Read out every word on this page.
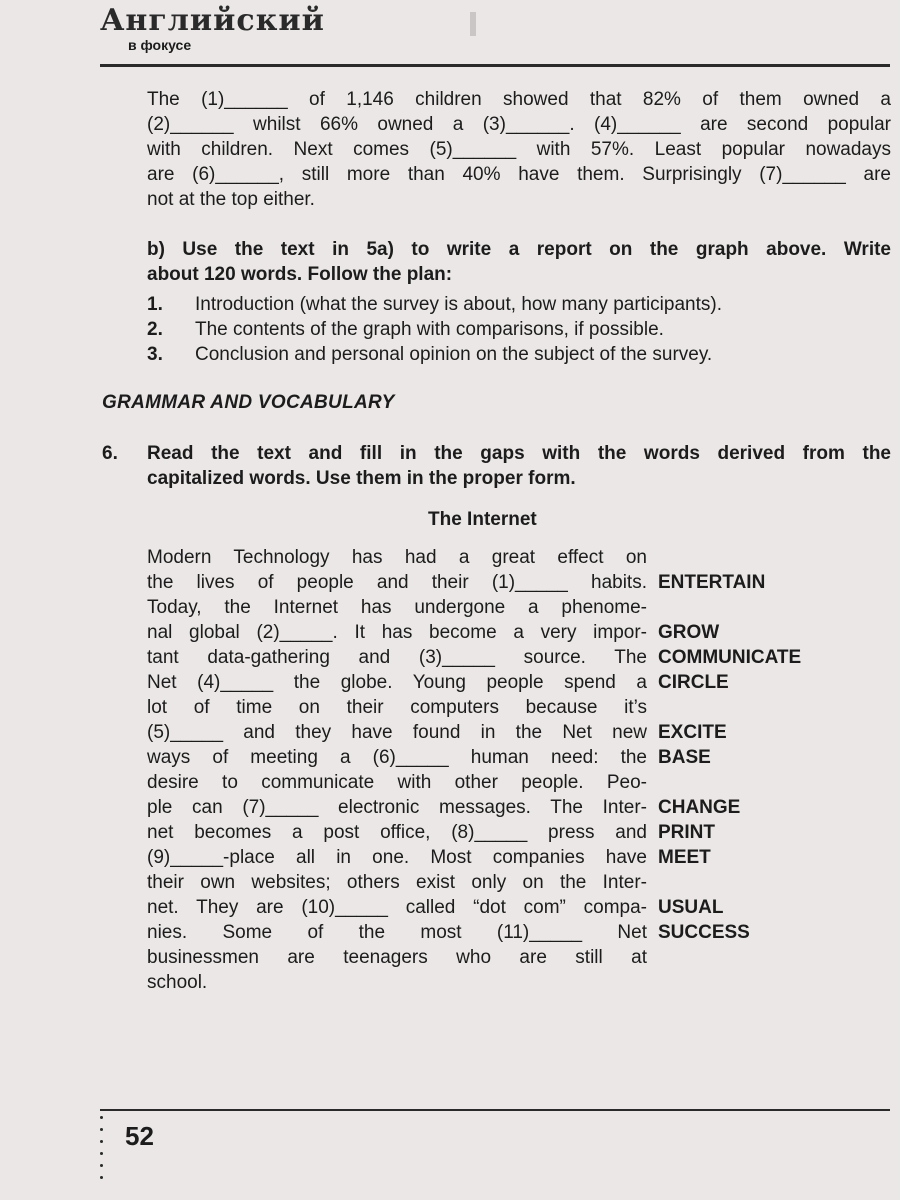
Английский
в фокусе
The (1)______ of 1,146 children showed that 82% of them owned a
(2)______ whilst 66% owned a (3)______. (4)______ are second popular
with children. Next comes (5)______ with 57%. Least popular nowadays
are (6)______, still more than 40% have them. Surprisingly (7)______ are
not at the top either.
b) Use the text in 5a) to write a report on the graph above. Write
about 120 words. Follow the plan:
1.	Introduction (what the survey is about, how many participants).
2.	The contents of the graph with comparisons, if possible.
3.	Conclusion and personal opinion on the subject of the survey.
GRAMMAR AND VOCABULARY
6. Read the text and fill in the gaps with the words derived from the
capitalized words. Use them in the proper form.
The Internet
Modern Technology has had a great effect on
the lives of people and their (1)_____ habits.
Today, the Internet has undergone a phenome-
nal global (2)_____. It has become a very impor-
tant data-gathering and (3)_____ source. The
Net (4)_____ the globe. Young people spend a
lot of time on their computers because it’s
(5)_____ and they have found in the Net new
ways of meeting a (6)_____ human need: the
desire to communicate with other people. Peo-
ple can (7)_____ electronic messages. The Inter-
net becomes a post office, (8)_____ press and
(9)_____-place all in one. Most companies have
their own websites; others exist only on the Inter-
net. They are (10)_____ called “dot com” compa-
nies. Some of the most (11)_____ Net
businessmen are teenagers who are still at
school.
ENTERTAIN
GROW
COMMUNICATE
CIRCLE
EXCITE
BASE
CHANGE
PRINT
MEET
USUAL
SUCCESS
52
